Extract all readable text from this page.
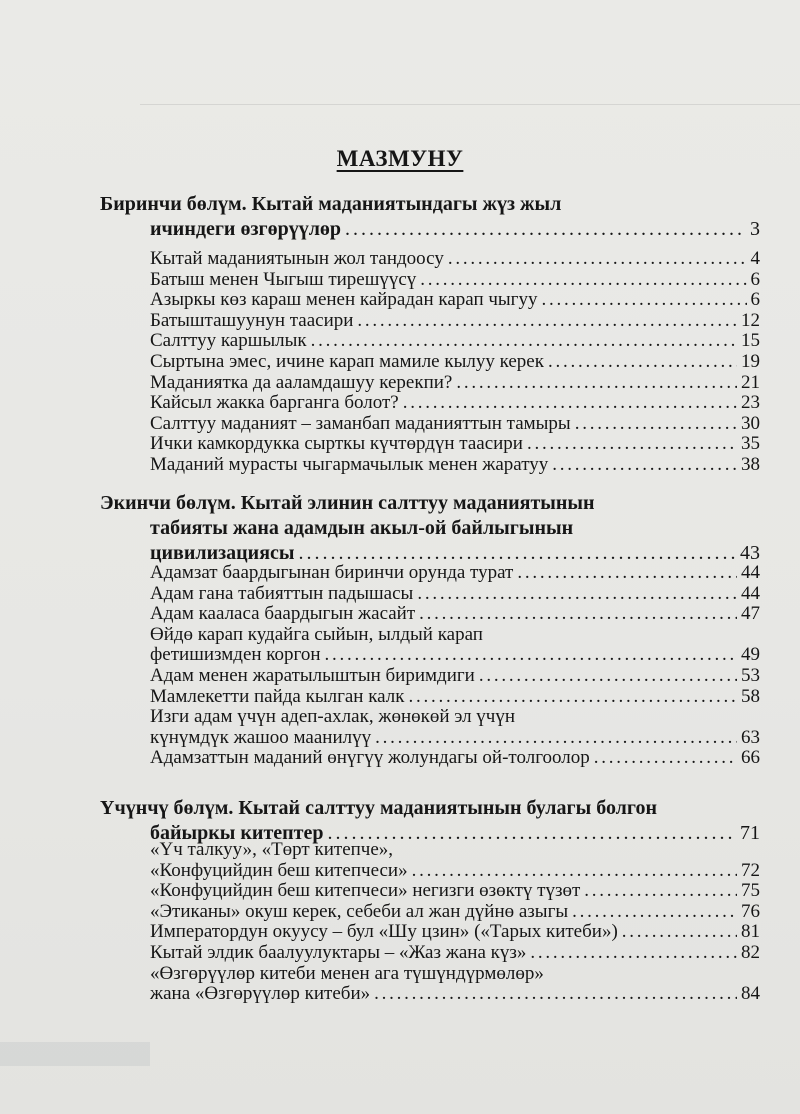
МАЗМУНУ
Биринчи бөлүм. Кытай маданиятындагы жүз жыл
ичиндеги өзгөрүүлөр . . .	3
Кытай маданиятынын жол тандоосу . . .	4
Батыш менен Чыгыш тирешүүсү . . .	6
Азыркы көз караш менен кайрадан карап чыгуу . . .	6
Батышташуунун таасири . . .	12
Салттуу каршылык . . .	15
Сыртына эмес, ичине карап мамиле кылуу керек . . .	19
Маданиятка да ааламдашуу керекпи? . . .	21
Кайсыл жакка барганга болот? . . .	23
Салттуу маданият – заманбап маданияттын тамыры . . .	30
Ички камкордукка сырткы күчтөрдүн таасири . . .	35
Маданий мурасты чыгармачылык менен жаратуу . . .	38
Экинчи бөлүм. Кытай элинин салттуу маданиятынын
табияты жана адамдын акыл-ой байлыгынын
цивилизациясы . . .	43
Адамзат баардыгынан биринчи орунда турат . . .	44
Адам гана табияттын падышасы . . .	44
Адам кааласа баардыгын жасайт . . .	47
Өйдө карап кудайга сыйын, ылдый карап
фетишизмден коргон . . .	49
Адам менен жаратылыштын биримдиги . . .	53
Мамлекетти пайда кылган калк . . .	58
Изги адам үчүн адеп-ахлак, жөнөкөй эл үчүн
күнүмдүк жашоо маанилүү . . .	63
Адамзаттын маданий өнүгүү жолундагы ой-толгоолор . . .	66
Үчүнчү бөлүм. Кытай салттуу маданиятынын булагы болгон
байыркы китептер . . .	71
«Үч талкуу», «Төрт китепче»,
«Конфуцийдин беш китепчеси» . . .	72
«Конфуцийдин беш китепчеси» негизги өзөктү түзөт . . .	75
«Этиканы» окуш керек, себеби ал жан дүйнө азыгы . . .	76
Императордун окуусу – бул «Шу цзин» («Тарых китеби») . . .	81
Кытай элдик баалуулуктары – «Жаз жана күз» . . .	82
«Өзгөрүүлөр китеби менен ага түшүндүрмөлөр»
жана «Өзгөрүүлөр китеби» . . .	84
